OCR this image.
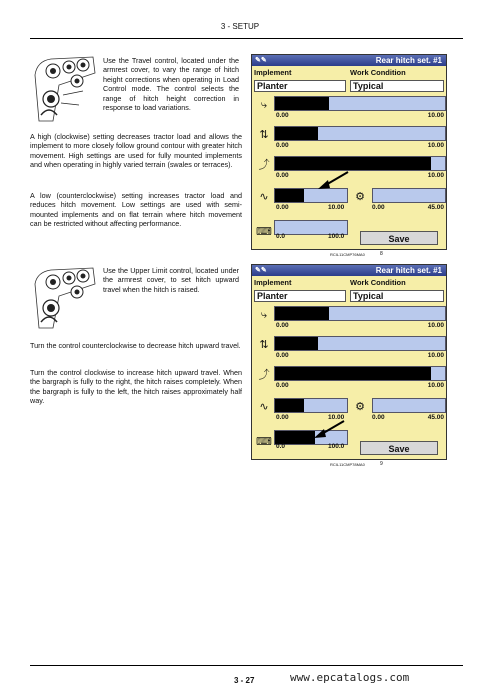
3 - SETUP

Use the Travel control, located under the armrest cover, to vary the range of hitch height corrections when operating in Load Control mode. The control selects the range of hitch height correction in response to load variations.

A high (clockwise) setting decreases tractor load and allows the implement to more closely follow ground contour with greater hitch movement. High settings are used for fully mounted implements and when operating in highly varied terrain (swales or terraces).

A low (counterclockwise) setting increases tractor load and reduces hitch movement. Low settings are used with semi-mounted implements and on flat terrain where hitch movement can be restricted without affecting performance.

Use the Upper Limit control, located under the armrest cover, to set hitch upward travel when the hitch is raised.

Turn the control counterclockwise to decrease hitch upward travel.

Turn the control clockwise to increase hitch upward travel. When the bargraph is fully to the right, the hitch raises completely. When the bargraph is fully to the left, the hitch raises approximately half way.

✎✎	Rear hitch set. #1
Implement	Work Condition
Planter	Typical
⤷
0.00	10.00
⇅
0.00	10.00
⤴
0.00	10.00
∿
0.00	10.00
⚙
0.00	45.00
⌨ 0.0	100.0	Save
✎✎	Rear hitch set. #1
Implement	Work Condition
Planter	Typical
⤷
0.00	10.00
⇅
0.00	10.00
⤴
0.00	10.00
∿
0.00	10.00
⚙
0.00	45.00
⌨ 0.0	100.0	Save
RCIL11CMP76MA0	8
RCIL11CMP78MA0	9
3 - 27	www.epcatalogs.com
